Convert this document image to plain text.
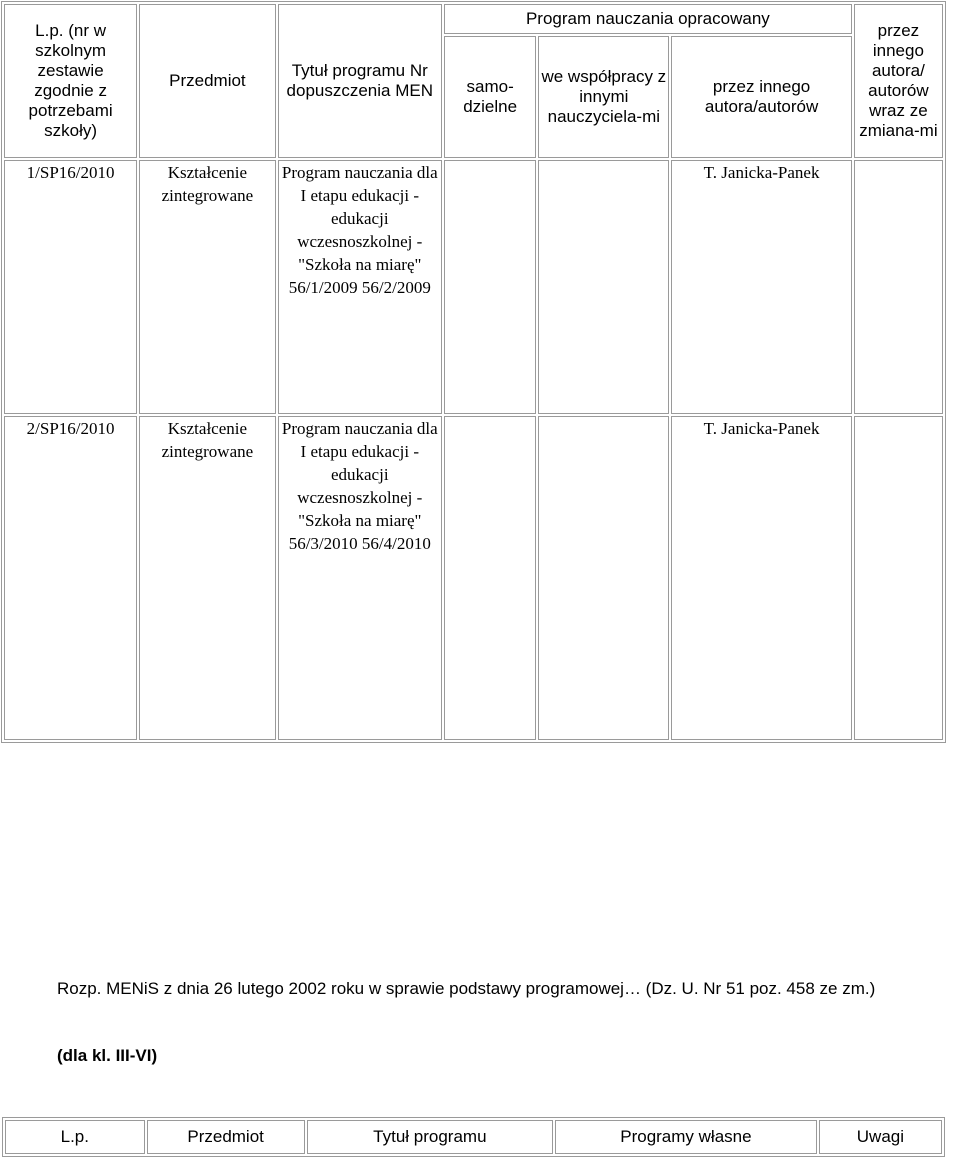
L.p. (nr w szkolnym zestawie zgodnie z potrzebami szkoły)	Przedmiot	Tytuł programu Nr dopuszczenia MEN	Program nauczania opracowany			przez innego autora/ autorów wraz ze zmiana-mi
			samo-dzielne	we współpracy z innymi nauczyciela-mi	przez innego autora/autorów	
1/SP16/2010	Kształcenie zintegrowane	Program nauczania dla I etapu edukacji - edukacji wczesnoszkolnej - "Szkoła na miarę" 56/1/2009 56/2/2009			T. Janicka-Panek	
2/SP16/2010	Kształcenie zintegrowane	Program nauczania dla I etapu edukacji - edukacji wczesnoszkolnej - "Szkoła na miarę" 56/3/2010 56/4/2010			T. Janicka-Panek	
Rozp. MENiS z dnia 26 lutego 2002 roku w sprawie podstawy programowej… (Dz. U. Nr 51 poz. 458 ze zm.)
(dla kl. III-VI)
L.p.	Przedmiot	Tytuł programu	Programy własne	Uwagi
